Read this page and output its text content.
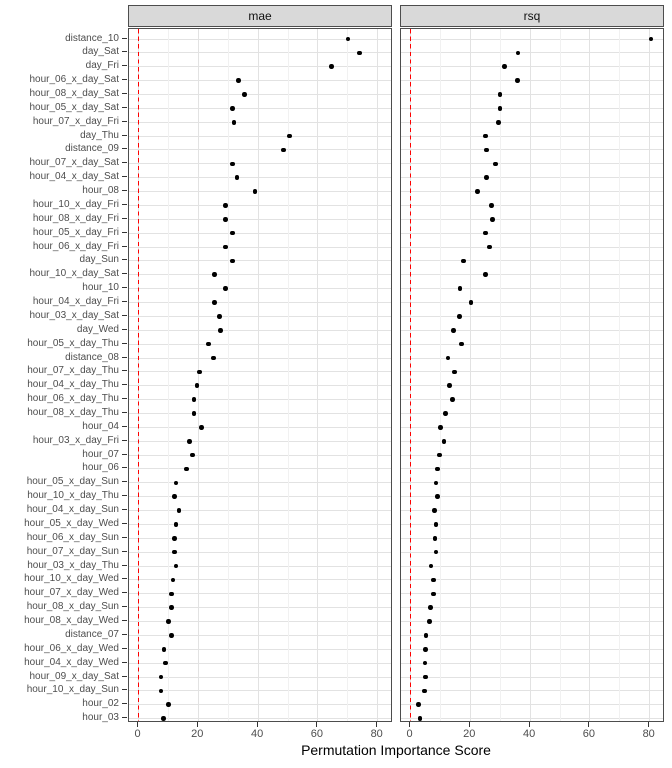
mae	rsq
distance_10
day_Sat
day_Fri
hour_06_x_day_Sat
hour_08_x_day_Sat
hour_05_x_day_Sat
hour_07_x_day_Fri
day_Thu
distance_09
hour_07_x_day_Sat
hour_04_x_day_Sat
hour_08
hour_10_x_day_Fri
hour_08_x_day_Fri
hour_05_x_day_Fri
hour_06_x_day_Fri
day_Sun
hour_10_x_day_Sat
hour_10
hour_04_x_day_Fri
hour_03_x_day_Sat
day_Wed
hour_05_x_day_Thu
distance_08
hour_07_x_day_Thu
hour_04_x_day_Thu
hour_06_x_day_Thu
hour_08_x_day_Thu
hour_04
hour_03_x_day_Fri
hour_07
hour_06
hour_05_x_day_Sun
hour_10_x_day_Thu
hour_04_x_day_Sun
hour_05_x_day_Wed
hour_06_x_day_Sun
hour_07_x_day_Sun
hour_03_x_day_Thu
hour_10_x_day_Wed
hour_07_x_day_Wed
hour_08_x_day_Sun
hour_08_x_day_Wed
distance_07
hour_06_x_day_Wed
hour_04_x_day_Wed
hour_09_x_day_Sat
hour_10_x_day_Sun
hour_02
hour_03
0	20	40	60	80	0	20	40	60	80
Permutation Importance Score
